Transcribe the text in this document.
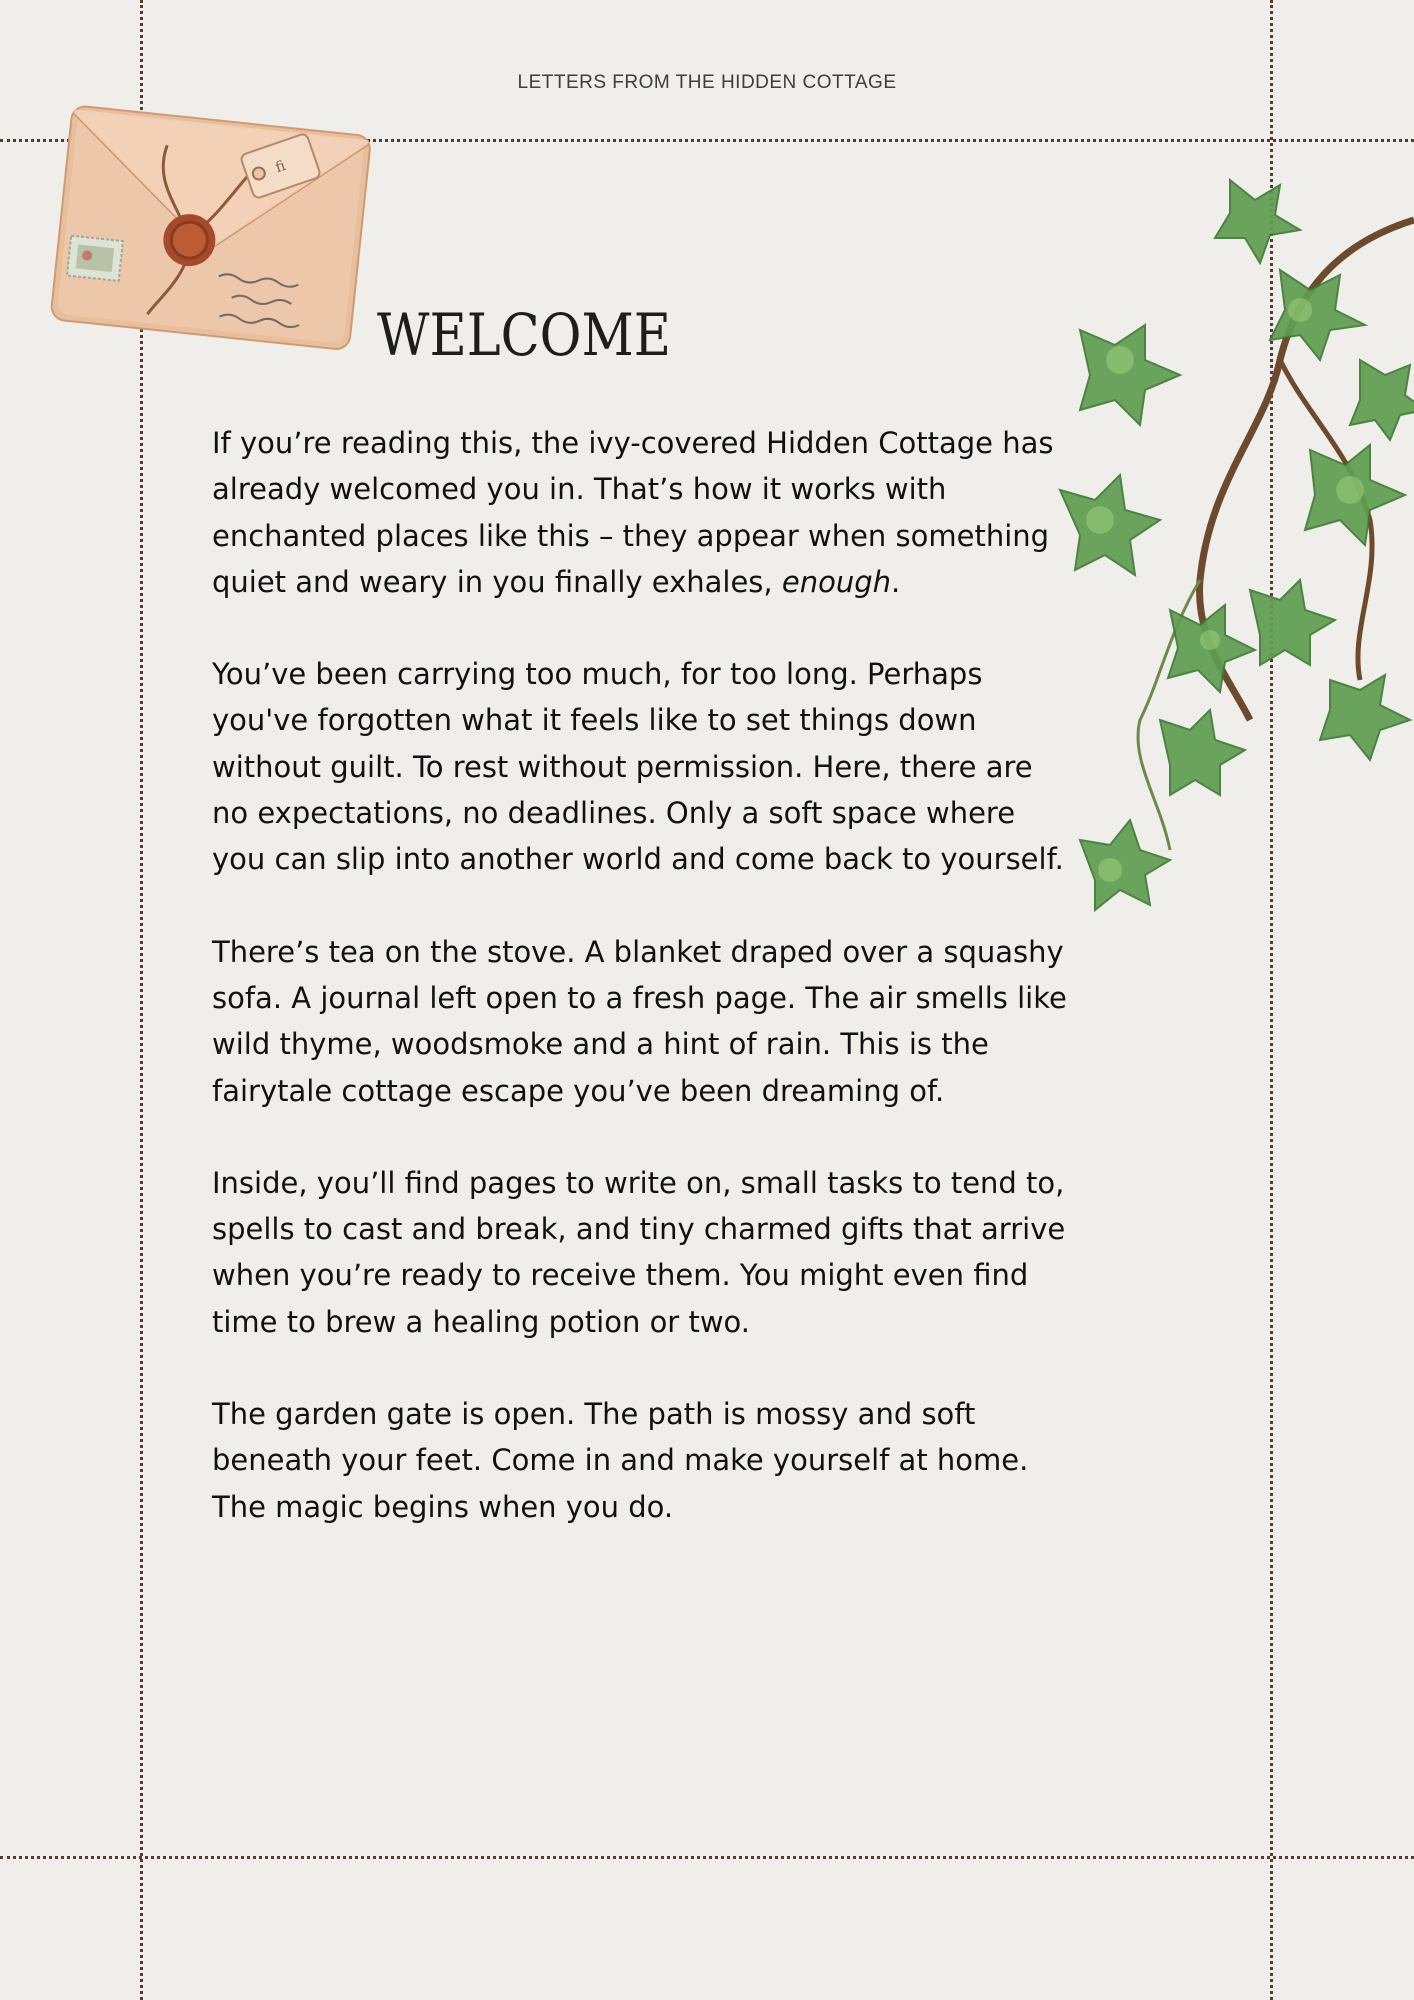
LETTERS FROM THE HIDDEN COTTAGE

ﬁ
WELCOME

If you’re reading this, the ivy-covered Hidden Cottage has already welcomed you in. That’s how it works with enchanted places like this – they appear when something quiet and weary in you finally exhales, enough.

You’ve been carrying too much, for too long. Perhaps you've forgotten what it feels like to set things down without guilt. To rest without permission. Here, there are no expectations, no deadlines. Only a soft space where you can slip into another world and come back to yourself.

There’s tea on the stove. A blanket draped over a squashy sofa. A journal left open to a fresh page. The air smells like wild thyme, woodsmoke and a hint of rain. This is the fairytale cottage escape you’ve been dreaming of.

Inside, you’ll find pages to write on, small tasks to tend to, spells to cast and break, and tiny charmed gifts that arrive when you’re ready to receive them. You might even find time to brew a healing potion or two.

The garden gate is open. The path is mossy and soft beneath your feet. Come in and make yourself at home. The magic begins when you do.
